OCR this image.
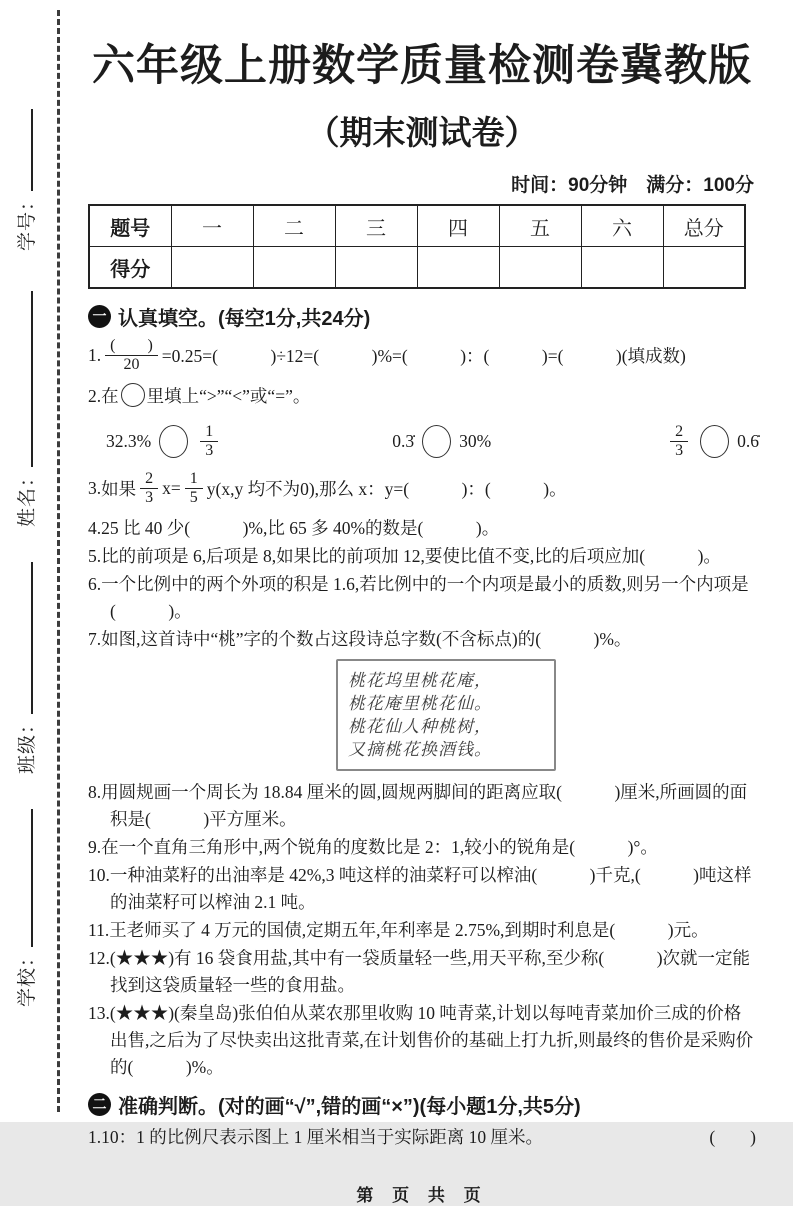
学校：
班级：
姓名：
学号：
六年级上册数学质量检测卷冀教版
（期末测试卷）
时间：90分钟　满分：100分
题号	一	二	三	四	五	六	总分
得分							
一 认真填空。(每空1分,共24分)
1. $\frac{( )}{20} =0.25=$(　　　)÷12=(　　　)%=(　　　)：(　　　)=(　　　)(填成数)
2.在 里填上“>”“<”或“=”。
32.3%	$\frac{1}{3}$	0.3̇	30%	$\frac{2}{3}$	0.6̇
3. 如果 $\frac{2}{3} x= \frac{1}{5} y(x,y$ 均不为0),那么 x：y=(　　　)：(　　　)。
4.25 比 40 少(　　　)%,比 65 多 40%的数是(　　　)。
5.比的前项是 6,后项是 8,如果比的前项加 12,要使比值不变,比的后项应加(　　　)。
6.一个比例中的两个外项的积是 1.6,若比例中的一个内项是最小的质数,则另一个内项是(　　　)。
7.如图,这首诗中“桃”字的个数占这段诗总字数(不含标点)的(　　　)%。
桃花坞里桃花庵，
桃花庵里桃花仙。
桃花仙人种桃树，
又摘桃花换酒钱。
8.用圆规画一个周长为 18.84 厘米的圆,圆规两脚间的距离应取(　　　)厘米,所画圆的面积是(　　　)平方厘米。
9.在一个直角三角形中,两个锐角的度数比是 2：1,较小的锐角是(　　　)°。
10.一种油菜籽的出油率是 42%,3 吨这样的油菜籽可以榨油(　　　)千克,(　　　)吨这样的油菜籽可以榨油 2.1 吨。
11.王老师买了 4 万元的国债,定期五年,年利率是 2.75%,到期时利息是(　　　)元。
12.(★★★)有 16 袋食用盐,其中有一袋质量轻一些,用天平称,至少称(　　　)次就一定能找到这袋质量轻一些的食用盐。
13.(★★★)(秦皇岛)张伯伯从菜农那里收购 10 吨青菜,计划以每吨青菜加价三成的价格出售,之后为了尽快卖出这批青菜,在计划售价的基础上打九折,则最终的售价是采购价的(　　　)%。
二 准确判断。(对的画“√”,错的画“×”)(每小题1分,共5分)
1.10：1 的比例尺表示图上 1 厘米相当于实际距离 10 厘米。	(　　)
第 页 共 页
